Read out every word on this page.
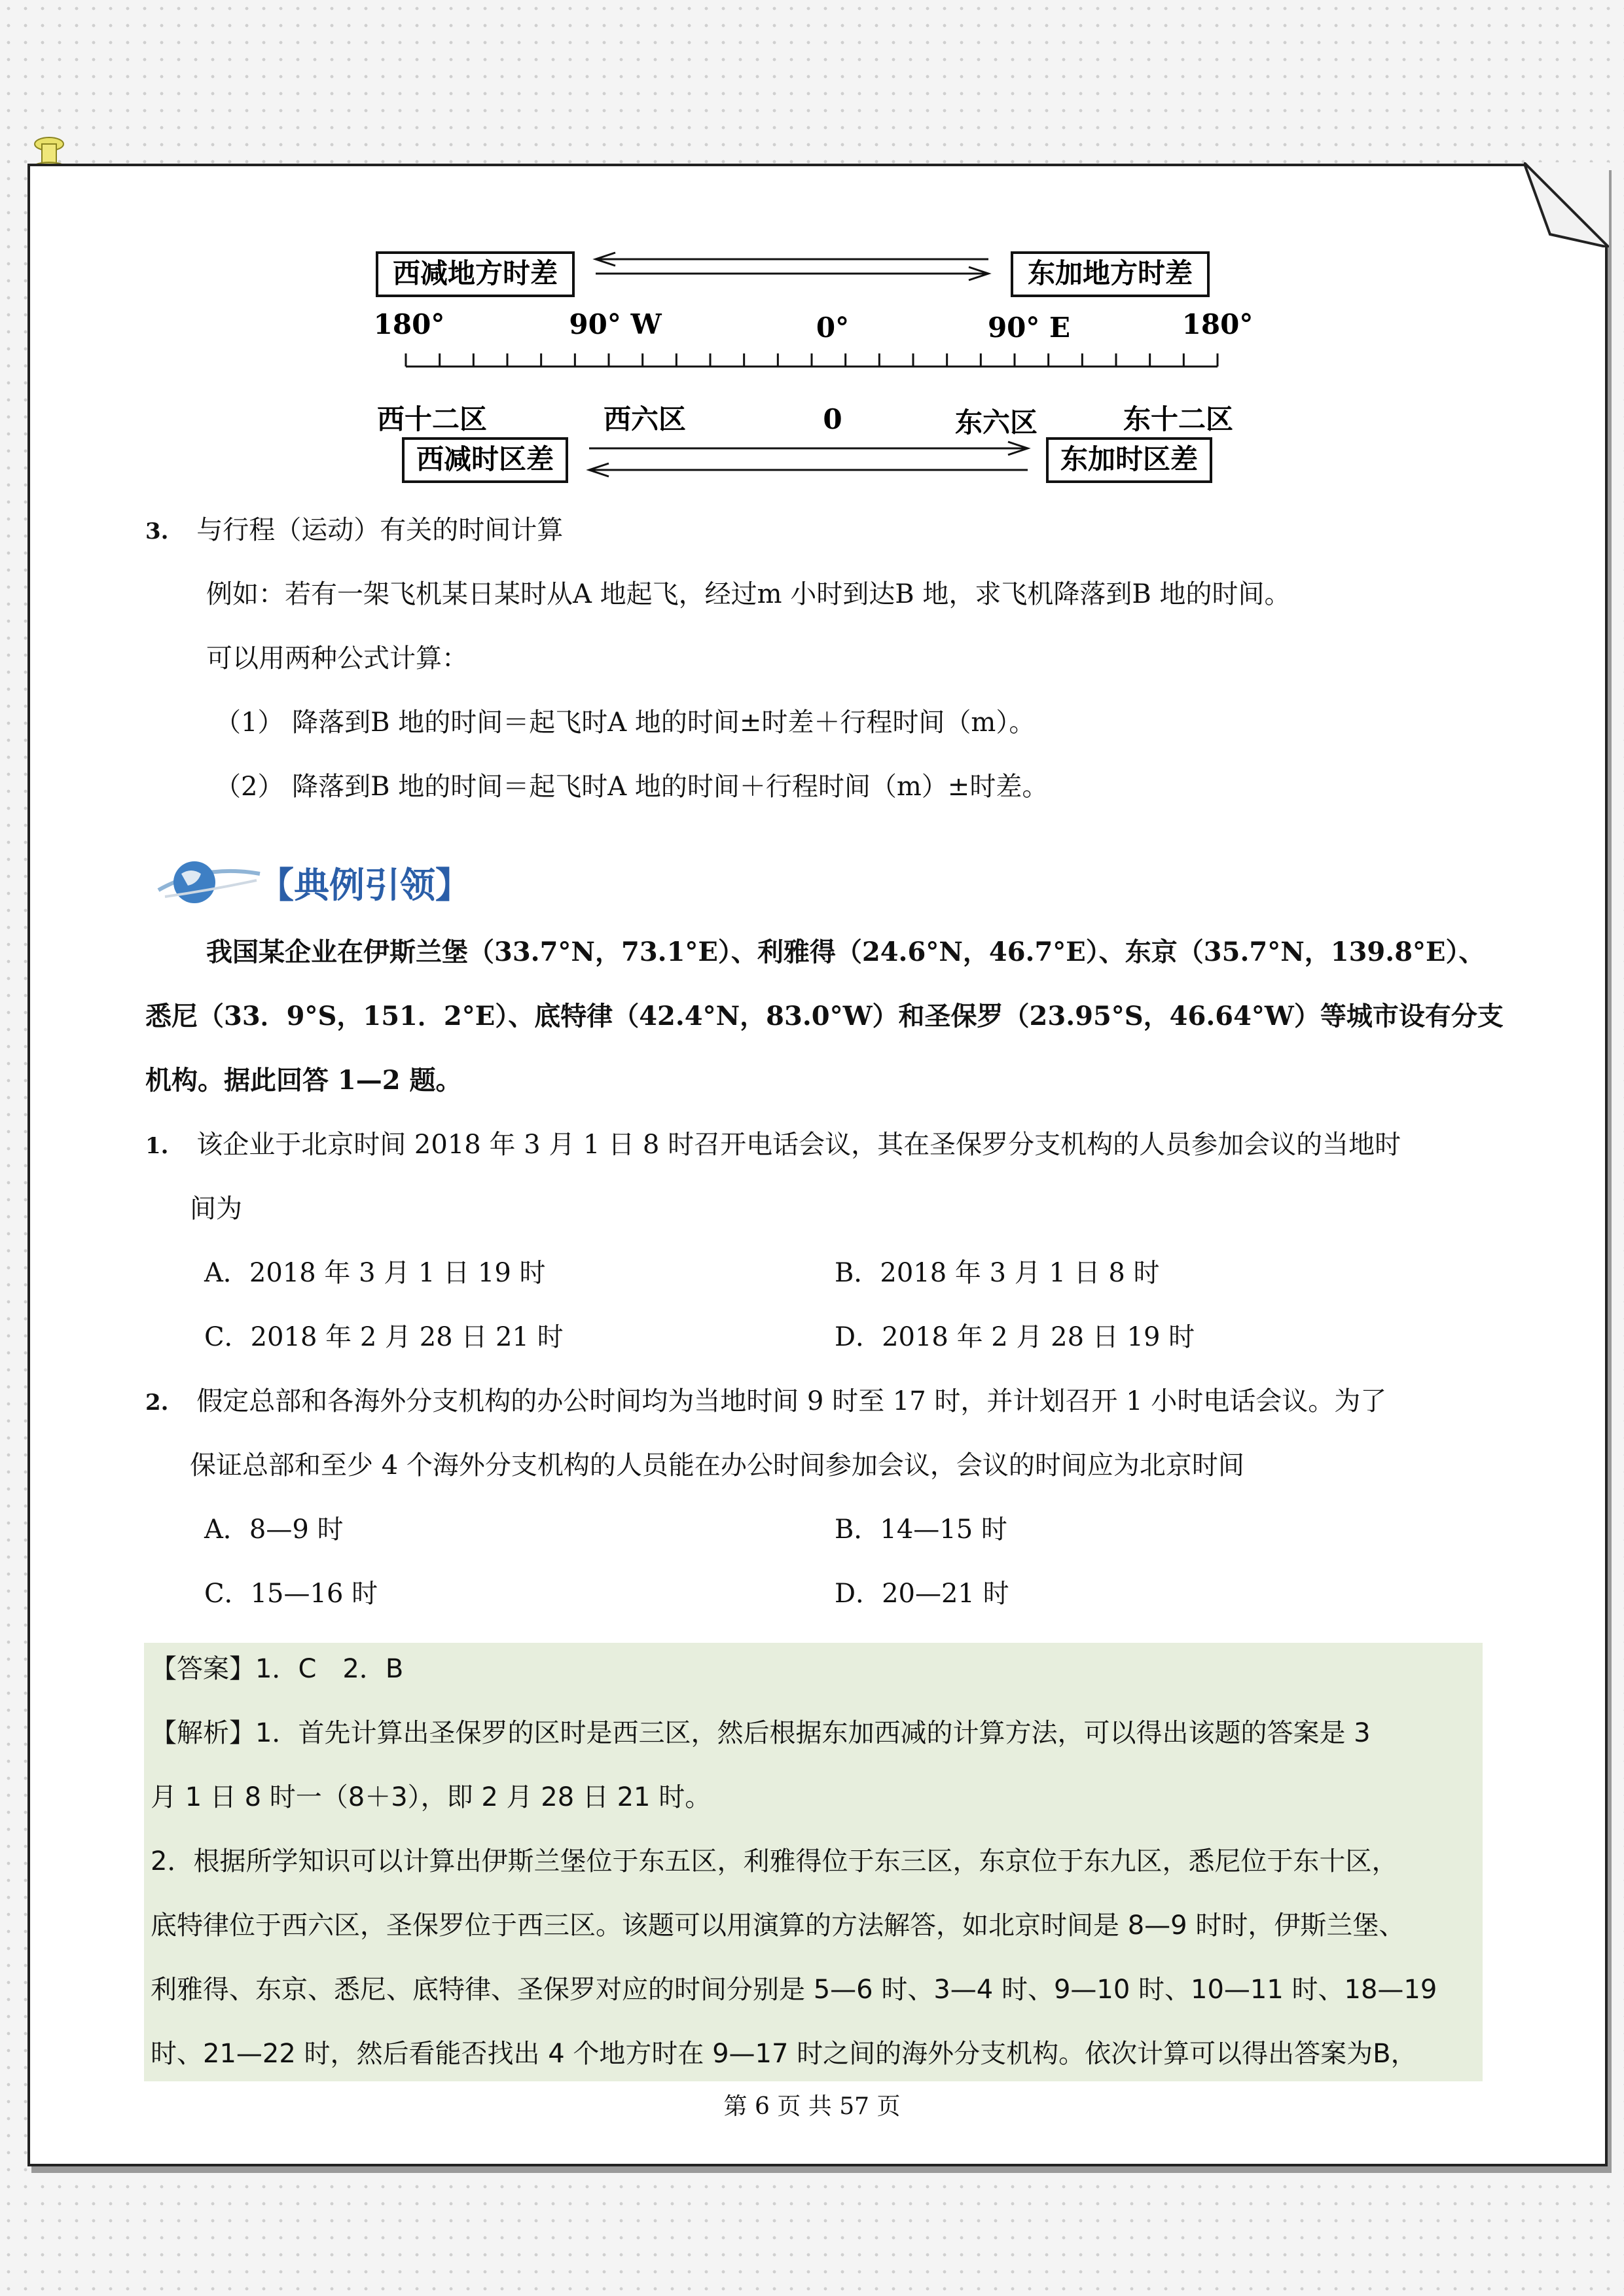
西减地方时差	东加地方时差
180°	90° W	0°	90° E	180°
西十二区	西六区	0	东六区	东十二区
西减时区差	东加时区差
3. 与行程（运动）有关的时间计算
例如：若有一架飞机某日某时从A 地起飞，经过m 小时到达B 地，求飞机降落到B 地的时间。
可以用两种公式计算：
（1） 降落到B 地的时间＝起飞时A 地的时间±时差＋行程时间（m）。
（2） 降落到B 地的时间＝起飞时A 地的时间＋行程时间（m）±时差。
【典例引领】
我国某企业在伊斯兰堡（33.7°N，73.1°E）、利雅得（24.6°N，46.7°E）、东京（35.7°N，139.8°E）、
悉尼（33．9°S，151．2°E）、底特律（42.4°N，83.0°W）和圣保罗（23.95°S，46.64°W）等城市设有分支
机构。据此回答 1—2 题。
1. 该企业于北京时间 2018 年 3 月 1 日 8 时召开电话会议，其在圣保罗分支机构的人员参加会议的当地时
间为
A．2018 年 3 月 1 日 19 时	B．2018 年 3 月 1 日 8 时
C．2018 年 2 月 28 日 21 时	D．2018 年 2 月 28 日 19 时
2. 假定总部和各海外分支机构的办公时间均为当地时间 9 时至 17 时，并计划召开 1 小时电话会议。为了
保证总部和至少 4 个海外分支机构的人员能在办公时间参加会议，会议的时间应为北京时间
A．8—9 时	B．14—15 时
C．15—16 时	D．20—21 时
【答案】1．C　2．B
【解析】1．首先计算出圣保罗的区时是西三区，然后根据东加西减的计算方法，可以得出该题的答案是 3
月 1 日 8 时一（8＋3），即 2 月 28 日 21 时。
2．根据所学知识可以计算出伊斯兰堡位于东五区，利雅得位于东三区，东京位于东九区，悉尼位于东十区，
底特律位于西六区，圣保罗位于西三区。该题可以用演算的方法解答，如北京时间是 8—9 时时，伊斯兰堡、
利雅得、东京、悉尼、底特律、圣保罗对应的时间分别是 5—6 时、3—4 时、9—10 时、10—11 时、18—19
时、21—22 时，然后看能否找出 4 个地方时在 9—17 时之间的海外分支机构。依次计算可以得出答案为B，
第 6 页 共 57 页
